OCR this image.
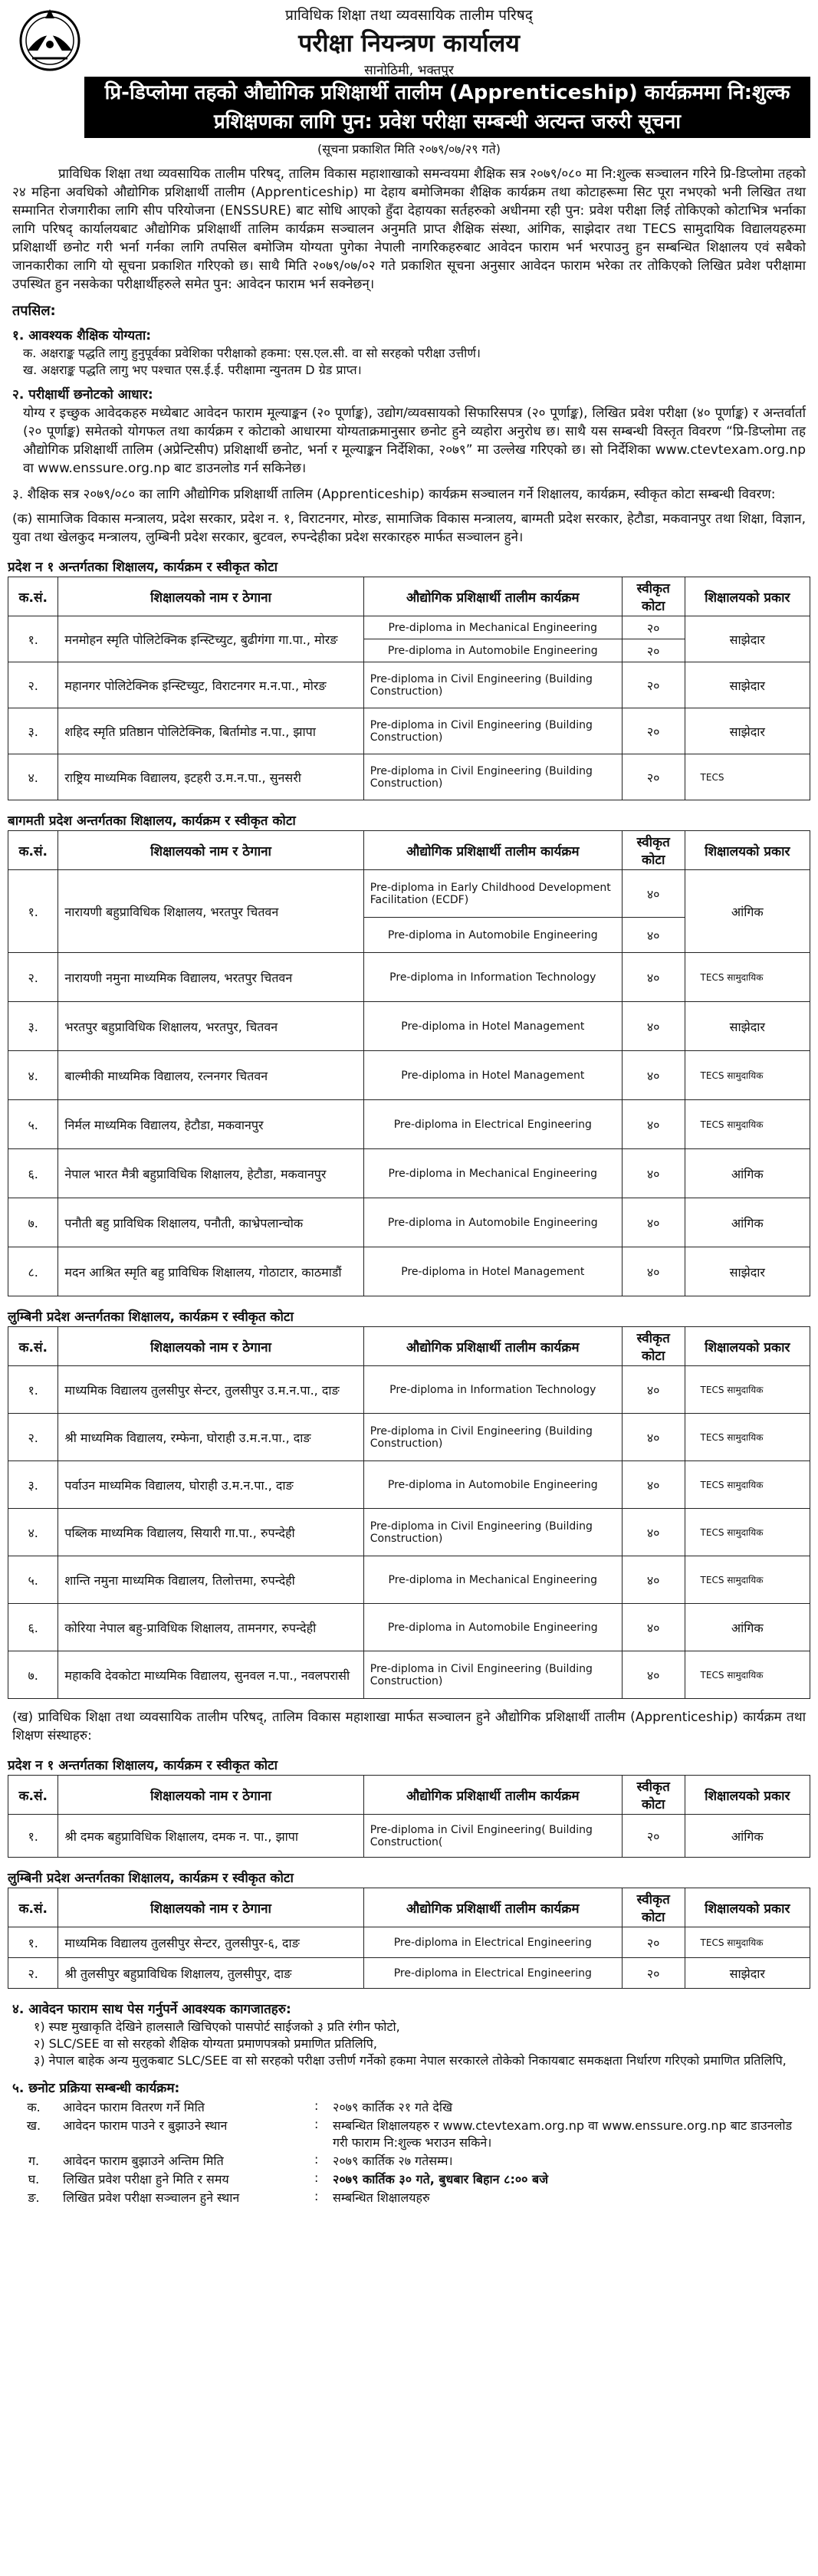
प्राविधिक शिक्षा तथा व्यवसायिक तालीम परिषद्
परीक्षा नियन्त्रण कार्यालय
सानोठिमी, भक्तपुर
प्रि-डिप्लोमा तहको औद्योगिक प्रशिक्षार्थी तालीम (Apprenticeship) कार्यक्रममा नि:शुल्क
प्रशिक्षणका लागि पुन: प्रवेश परीक्षा सम्बन्धी अत्यन्त जरुरी सूचना
(सूचना प्रकाशित मिति २०७९/०७/२९ गते)
प्राविधिक शिक्षा तथा व्यवसायिक तालीम परिषद्, तालिम विकास महाशाखाको समन्वयमा शैक्षिक सत्र २०७९/०८० मा नि:शुल्क सञ्चालन गरिने प्रि-डिप्लोमा तहको २४ महिना अवधिको औद्योगिक प्रशिक्षार्थी तालीम (Apprenticeship) मा देहाय बमोजिमका शैक्षिक कार्यक्रम तथा कोटाहरूमा सिट पूरा नभएको भनी लिखित तथा सम्मानित रोजगारीका लागि सीप परियोजना (ENSSURE) बाट सोधि आएको हुँदा देहायका सर्तहरुको अधीनमा रही पुन: प्रवेश परीक्षा लिई तोकिएको कोटाभित्र भर्नाका लागि परिषद् कार्यालयबाट औद्योगिक प्रशिक्षार्थी तालिम कार्यक्रम सञ्चालन अनुमति प्राप्त शैक्षिक संस्था, आंगिक, साझेदार तथा TECS सामुदायिक विद्यालयहरुमा प्रशिक्षार्थी छनोट गरी भर्ना गर्नका लागि तपसिल बमोजिम योग्यता पुगेका नेपाली नागरिकहरुबाट आवेदन फाराम भर्न भरपाउनु हुन सम्बन्धित शिक्षालय एवं सबैको जानकारीका लागि यो सूचना प्रकाशित गरिएको छ। साथै मिति २०७९/०७/०२ गते प्रकाशित सूचना अनुसार आवेदन फाराम भरेका तर तोकिएको लिखित प्रवेश परीक्षामा उपस्थित हुन नसकेका परीक्षार्थीहरुले समेत पुन: आवेदन फाराम भर्न सक्नेछन्।
तपसिल:
१. आवश्यक शैक्षिक योग्यता:
क. अक्षराङ्क पद्धति लागु हुनुपूर्वका प्रवेशिका परीक्षाको हकमा: एस.एल.सी. वा सो सरहको परीक्षा उत्तीर्ण।
ख. अक्षराङ्क पद्धति लागु भए पश्चात एस.ई.ई. परीक्षामा न्युनतम D ग्रेड प्राप्त।
२. परीक्षार्थी छनोटको आधार:
योग्य र इच्छुक आवेदकहरु मध्येबाट आवेदन फाराम मूल्याङ्कन (२० पूर्णाङ्क), उद्योग/व्यवसायको सिफारिसपत्र (२० पूर्णाङ्क), लिखित प्रवेश परीक्षा (४० पूर्णाङ्क) र अन्तर्वार्ता (२० पूर्णाङ्क) समेतको योगफल तथा कार्यक्रम र कोटाको आधारमा योग्यताक्रमानुसार छनोट हुने व्यहोरा अनुरोध छ। साथै यस सम्बन्धी विस्तृत विवरण “प्रि-डिप्लोमा तह औद्योगिक प्रशिक्षार्थी तालिम (अप्रेन्टिसीप) प्रशिक्षार्थी छनोट, भर्ना र मूल्याङ्कन निर्देशिका, २०७९” मा उल्लेख गरिएको छ। सो निर्देशिका www.ctevtexam.org.np वा www.enssure.org.np बाट डाउनलोड गर्न सकिनेछ।
३. शैक्षिक सत्र २०७९/०८० का लागि औद्योगिक प्रशिक्षार्थी तालिम (Apprenticeship) कार्यक्रम सञ्चालन गर्ने शिक्षालय, कार्यक्रम, स्वीकृत कोटा सम्बन्धी विवरण:
(क) सामाजिक विकास मन्त्रालय, प्रदेश सरकार, प्रदेश न. १, विराटनगर, मोरङ, सामाजिक विकास मन्त्रालय, बाग्मती प्रदेश सरकार, हेटौडा, मकवानपुर तथा शिक्षा, विज्ञान, युवा तथा खेलकुद मन्त्रालय, लुम्बिनी प्रदेश सरकार, बुटवल, रुपन्देहीका प्रदेश सरकारहरु मार्फत सञ्चालन हुने।
प्रदेश न १ अन्तर्गतका शिक्षालय, कार्यक्रम र स्वीकृत कोटा
क.सं.	शिक्षालयको नाम र ठेगाना	औद्योगिक प्रशिक्षार्थी तालीम कार्यक्रम	स्वीकृत कोटा	शिक्षालयको प्रकार
१.	मनमोहन स्मृति पोलिटेक्निक इन्स्टिच्युट, बुढीगंगा गा.पा., मोरङ	Pre-diploma in Mechanical Engineering	२०	साझेदार
		Pre-diploma in Automobile Engineering	२०	
२.	महानगर पोलिटेक्निक इन्स्टिच्युट, विराटनगर म.न.पा., मोरङ	Pre-diploma in Civil Engineering (Building Construction)	२०	साझेदार
३.	शहिद स्मृति प्रतिष्ठान पोलिटेक्निक, बिर्तामोड न.पा., झापा	Pre-diploma in Civil Engineering (Building Construction)	२०	साझेदार
४.	राष्ट्रिय माध्यमिक विद्यालय, इटहरी उ.म.न.पा., सुनसरी	Pre-diploma in Civil Engineering (Building Construction)	२०	TECS
बागमती प्रदेश अन्तर्गतका शिक्षालय, कार्यक्रम र स्वीकृत कोटा
क.सं.	शिक्षालयको नाम र ठेगाना	औद्योगिक प्रशिक्षार्थी तालीम कार्यक्रम	स्वीकृत कोटा	शिक्षालयको प्रकार
१.	नारायणी बहुप्राविधिक शिक्षालय, भरतपुर चितवन	Pre-diploma in Early Childhood Development Facilitation (ECDF)	४०	आंगिक
		Pre-diploma in Automobile Engineering	४०	
२.	नारायणी नमुना माध्यमिक विद्यालय, भरतपुर चितवन	Pre-diploma in Information Technology	४०	TECS सामुदायिक
३.	भरतपुर बहुप्राविधिक शिक्षालय, भरतपुर, चितवन	Pre-diploma in Hotel Management	४०	साझेदार
४.	बाल्मीकी माध्यमिक विद्यालय, रत्ननगर चितवन	Pre-diploma in Hotel Management	४०	TECS सामुदायिक
५.	निर्मल माध्यमिक विद्यालय, हेटौडा, मकवानपुर	Pre-diploma in Electrical Engineering	४०	TECS सामुदायिक
६.	नेपाल भारत मैत्री बहुप्राविधिक शिक्षालय, हेटौडा, मकवानपुर	Pre-diploma in Mechanical Engineering	४०	आंगिक
७.	पनौती बहु प्राविधिक शिक्षालय, पनौती, काभ्रेपलान्चोक	Pre-diploma in Automobile Engineering	४०	आंगिक
८.	मदन आश्रित स्मृति बहु प्राविधिक शिक्षालय, गोठाटार, काठमाडौं	Pre-diploma in Hotel Management	४०	साझेदार
लुम्बिनी प्रदेश अन्तर्गतका शिक्षालय, कार्यक्रम र स्वीकृत कोटा
क.सं.	शिक्षालयको नाम र ठेगाना	औद्योगिक प्रशिक्षार्थी तालीम कार्यक्रम	स्वीकृत कोटा	शिक्षालयको प्रकार
१.	माध्यमिक विद्यालय तुलसीपुर सेन्टर, तुलसीपुर उ.म.न.पा., दाङ	Pre-diploma in Information Technology	४०	TECS सामुदायिक
२.	श्री माध्यमिक विद्यालय, रम्फेना, घोराही उ.म.न.पा., दाङ	Pre-diploma in Civil Engineering (Building Construction)	४०	TECS सामुदायिक
३.	पर्वाउन माध्यमिक विद्यालय, घोराही उ.म.न.पा., दाङ	Pre-diploma in Automobile Engineering	४०	TECS सामुदायिक
४.	पब्लिक माध्यमिक विद्यालय, सियारी गा.पा., रुपन्देही	Pre-diploma in Civil Engineering (Building Construction)	४०	TECS सामुदायिक
५.	शान्ति नमुना माध्यमिक विद्यालय, तिलोत्तमा, रुपन्देही	Pre-diploma in Mechanical Engineering	४०	TECS सामुदायिक
६.	कोरिया नेपाल बहु-प्राविधिक शिक्षालय, तामनगर, रुपन्देही	Pre-diploma in Automobile Engineering	४०	आंगिक
७.	महाकवि देवकोटा माध्यमिक विद्यालय, सुनवल न.पा., नवलपरासी	Pre-diploma in Civil Engineering (Building Construction)	४०	TECS सामुदायिक
(ख) प्राविधिक शिक्षा तथा व्यवसायिक तालीम परिषद्, तालिम विकास महाशाखा मार्फत सञ्चालन हुने औद्योगिक प्रशिक्षार्थी तालीम (Apprenticeship) कार्यक्रम तथा शिक्षण संस्थाहरु:
प्रदेश न १ अन्तर्गतका शिक्षालय, कार्यक्रम र स्वीकृत कोटा
क.सं.	शिक्षालयको नाम र ठेगाना	औद्योगिक प्रशिक्षार्थी तालीम कार्यक्रम	स्वीकृत कोटा	शिक्षालयको प्रकार
१.	श्री दमक बहुप्राविधिक शिक्षालय, दमक न. पा., झापा	Pre-diploma in Civil Engineering( Building Construction(	२०	आंगिक
लुम्बिनी प्रदेश अन्तर्गतका शिक्षालय, कार्यक्रम र स्वीकृत कोटा
क.सं.	शिक्षालयको नाम र ठेगाना	औद्योगिक प्रशिक्षार्थी तालीम कार्यक्रम	स्वीकृत कोटा	शिक्षालयको प्रकार
१.	माध्यमिक विद्यालय तुलसीपुर सेन्टर, तुलसीपुर-६, दाङ	Pre-diploma in Electrical Engineering	२०	TECS सामुदायिक
२.	श्री तुलसीपुर बहुप्राविधिक शिक्षालय, तुलसीपुर, दाङ	Pre-diploma in Electrical Engineering	२०	साझेदार
४. आवेदन फाराम साथ पेस गर्नुपर्ने आवश्यक कागजातहरु:
१) स्पष्ट मुखाकृति देखिने हालसालै खिचिएको पासपोर्ट साईजको ३ प्रति रंगीन फोटो,
२) SLC/SEE वा सो सरहको शैक्षिक योग्यता प्रमाणपत्रको प्रमाणित प्रतिलिपि,
३) नेपाल बाहेक अन्य मुलुकबाट SLC/SEE वा सो सरहको परीक्षा उत्तीर्ण गर्नेको हकमा नेपाल सरकारले तोकेको निकायबाट समकक्षता निर्धारण गरिएको प्रमाणित प्रतिलिपि,
५. छनोट प्रक्रिया सम्बन्धी कार्यक्रम:
क.	आवेदन फाराम वितरण गर्ने मिति	:	२०७९ कार्तिक २१ गते देखि
ख.	आवेदन फाराम पाउने र बुझाउने स्थान	:	सम्बन्धित शिक्षालयहरु र www.ctevtexam.org.np वा www.enssure.org.np बाट डाउनलोड गरी फाराम नि:शुल्क भराउन सकिने।
ग.	आवेदन फाराम बुझाउने अन्तिम मिति	:	२०७९ कार्तिक २७ गतेसम्म।
घ.	लिखित प्रवेश परीक्षा हुने मिति र समय	:	२०७९ कार्तिक ३० गते, बुधबार बिहान ८:०० बजे
ङ.	लिखित प्रवेश परीक्षा सञ्चालन हुने स्थान	:	सम्बन्धित शिक्षालयहरु
